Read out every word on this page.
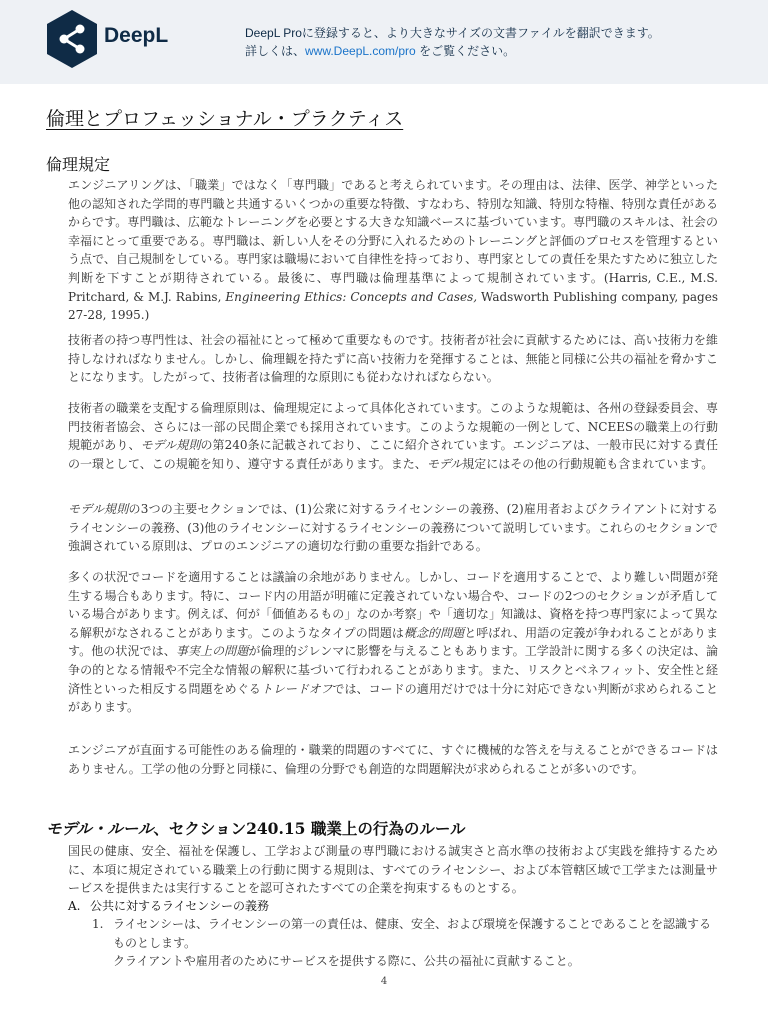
DeepL	DeepL Proに登録すると、より大きなサイズの文書ファイルを翻訳できます。
詳しくは、www.DeepL.com/pro をご覧ください。
倫理とプロフェッショナル・プラクティス
倫理規定
エンジニアリングは、「職業」ではなく「専門職」であると考えられています。その理由は、法律、医学、神学といった他の認知された学問的専門職と共通するいくつかの重要な特徴、すなわち、特別な知識、特別な特権、特別な責任があるからです。専門職は、広範なトレーニングを必要とする大きな知識ベースに基づいています。専門職のスキルは、社会の幸福にとって重要である。専門職は、新しい人をその分野に入れるためのトレーニングと評価のプロセスを管理するという点で、自己規制をしている。専門家は職場において自律性を持っており、専門家としての責任を果たすために独立した判断を下すことが期待されている。最後に、専門職は倫理基準によって規制されています。(Harris, C.E., M.S. Pritchard, & M.J. Rabins, Engineering Ethics: Concepts and Cases, Wadsworth Publishing company, pages 27-28, 1995.)
技術者の持つ専門性は、社会の福祉にとって極めて重要なものです。技術者が社会に貢献するためには、高い技術力を維持しなければなりません。しかし、倫理観を持たずに高い技術力を発揮することは、無能と同様に公共の福祉を脅かすことになります。したがって、技術者は倫理的な原則にも従わなければならない。
技術者の職業を支配する倫理原則は、倫理規定によって具体化されています。このような規範は、各州の登録委員会、専門技術者協会、さらには一部の民間企業でも採用されています。このような規範の一例として、NCEESの職業上の行動規範があり、モデル規則の第240条に記載されており、ここに紹介されています。エンジニアは、一般市民に対する責任の一環として、この規範を知り、遵守する責任があります。また、モデル規定にはその他の行動規範も含まれています。
モデル規則の3つの主要セクションでは、(1)公衆に対するライセンシーの義務、(2)雇用者およびクライアントに対するライセンシーの義務、(3)他のライセンシーに対するライセンシーの義務について説明しています。これらのセクションで強調されている原則は、プロのエンジニアの適切な行動の重要な指針である。
多くの状況でコードを適用することは議論の余地がありません。しかし、コードを適用することで、より難しい問題が発生する場合もあります。特に、コード内の用語が明確に定義されていない場合や、コードの2つのセクションが矛盾している場合があります。例えば、何が「価値あるもの」なのか考察」や「適切な」知識は、資格を持つ専門家によって異なる解釈がなされることがあります。このようなタイプの問題は概念的問題と呼ばれ、用語の定義が争われることがあります。他の状況では、事実上の問題が倫理的ジレンマに影響を与えることもあります。工学設計に関する多くの決定は、論争の的となる情報や不完全な情報の解釈に基づいて行われることがあります。また、リスクとベネフィット、安全性と経済性といった相反する問題をめぐるトレードオフでは、コードの適用だけでは十分に対応できない判断が求められることがあります。
エンジニアが直面する可能性のある倫理的・職業的問題のすべてに、すぐに機械的な答えを与えることができるコードはありません。工学の他の分野と同様に、倫理の分野でも創造的な問題解決が求められることが多いのです。
モデル・ルール、セクション240.15 職業上の行為のルール
国民の健康、安全、福祉を保護し、工学および測量の専門職における誠実さと高水準の技術および実践を維持するために、本項に規定されている職業上の行動に関する規則は、すべてのライセンシー、および本管轄区域で工学または測量サービスを提供または実行することを認可されたすべての企業を拘束するものとする。
A. 公共に対するライセンシーの義務
1. ライセンシーは、ライセンシーの第一の責任は、健康、安全、および環境を保護することであることを認識するものとします。
クライアントや雇用者のためにサービスを提供する際に、公共の福祉に貢献すること。
4
